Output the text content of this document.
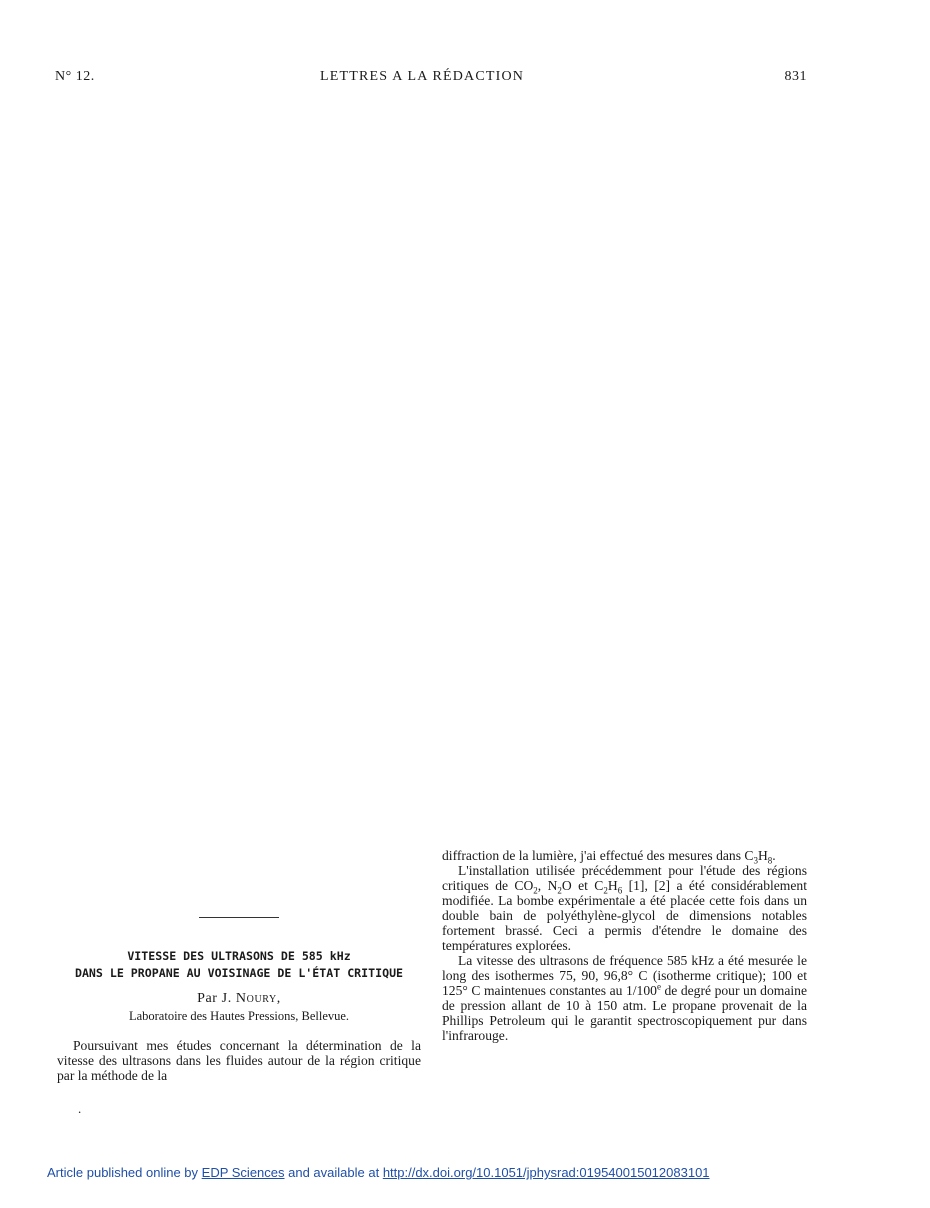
N° 12.	LETTRES A LA RÉDACTION	831
VITESSE DES ULTRASONS DE 585 kHz
DANS LE PROPANE AU VOISINAGE DE L'ÉTAT CRITIQUE
Par J. Noury,
Laboratoire des Hautes Pressions, Bellevue.

Poursuivant mes études concernant la détermination de la vitesse des ultrasons dans les fluides autour de la région critique par la méthode de la

.

diffraction de la lumière, j'ai effectué des mesures dans $C_3H_8$.

L'installation utilisée précédemment pour l'étude des régions critiques de $CO_2$, $N_2O$ et $C_2H_6$ [1], [2] a été considérablement modifiée. La bombe expérimentale a été placée cette fois dans un double bain de polyéthylène-glycol de dimensions notables fortement brassé. Ceci a permis d'étendre le domaine des températures explorées.

La vitesse des ultrasons de fréquence 585 kHz a été mesurée le long des isothermes 75, 90, 96,8° C (isotherme critique); 100 et 125° C maintenues constantes au 1/100e de degré pour un domaine de pression allant de 10 à 150 atm. Le propane provenait de la Phillips Petroleum qui le garantit spectroscopiquement pur dans l'infrarouge.

Article published online by EDP Sciences and available at http://dx.doi.org/10.1051/jphysrad:019540015012083101
